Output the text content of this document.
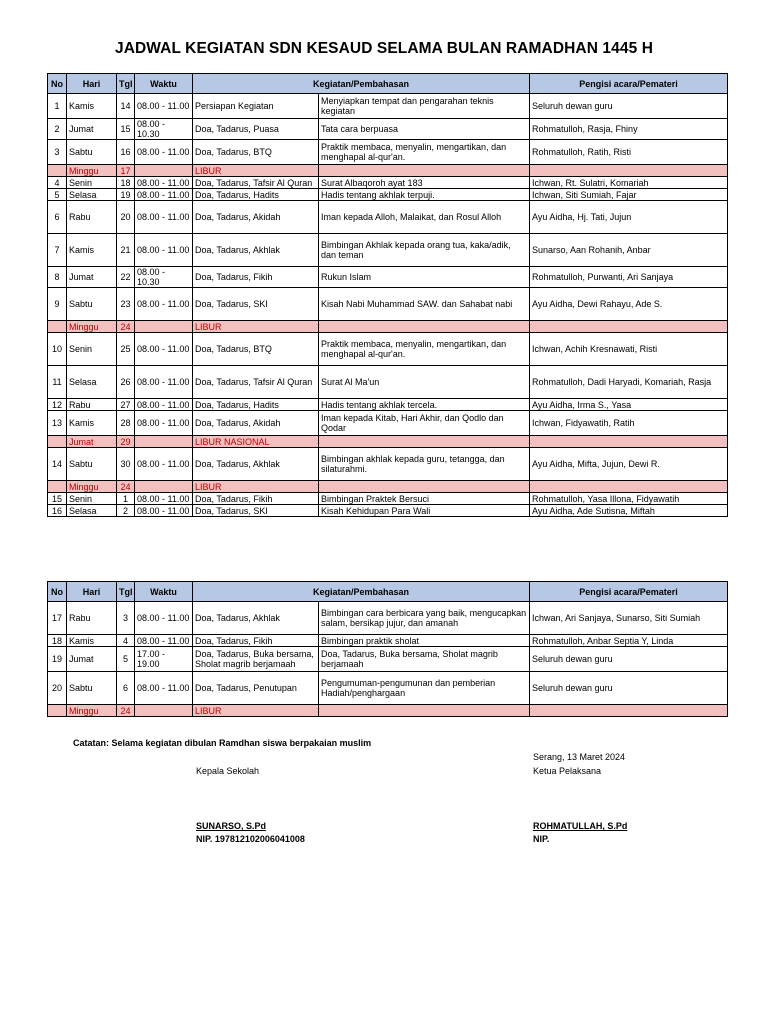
JADWAL KEGIATAN SDN KESAUD SELAMA BULAN RAMADHAN 1445 H
No	Hari	Tgl	Waktu	Kegiatan/Pembahasan		Pengisi acara/Pemateri
1	Kamis	14	08.00 - 11.00	Persiapan Kegiatan	Menyiapkan tempat dan pengarahan teknis kegiatan	Seluruh dewan guru
2	Jumat	15	08.00 - 10.30	Doa, Tadarus, Puasa	Tata cara berpuasa	Rohmatulloh, Rasja, Fhiny
3	Sabtu	16	08.00 - 11.00	Doa, Tadarus, BTQ	Praktik membaca, menyalin, mengartikan, dan menghapal al-qur'an.	Rohmatulloh, Ratih, Risti
	Minggu	17		LIBUR		
4	Senin	18	08.00 - 11.00	Doa, Tadarus, Tafsir Al Quran	Surat Albaqoroh ayat 183	Ichwan, Rt. Sulatri, Komariah
5	Selasa	19	08.00 - 11.00	Doa, Tadarus, Hadits	Hadis tentang akhlak terpuji.	Ichwan, Siti Sumiah, Fajar
6	Rabu	20	08.00 - 11.00	Doa, Tadarus, Akidah	Iman kepada Alloh, Malaikat, dan Rosul Alloh	Ayu Aidha, Hj. Tati, Jujun
7	Kamis	21	08.00 - 11.00	Doa, Tadarus, Akhlak	Bimbingan Akhlak kepada orang tua, kaka/adik, dan teman	Sunarso, Aan Rohanih, Anbar
8	Jumat	22	08.00 - 10.30	Doa, Tadarus, Fikih	Rukun Islam	Rohmatulloh, Purwanti, Ari Sanjaya
9	Sabtu	23	08.00 - 11.00	Doa, Tadarus, SKI	Kisah Nabi Muhammad SAW. dan Sahabat nabi	Ayu Aidha, Dewi Rahayu, Ade S.
	Minggu	24		LIBUR		
10	Senin	25	08.00 - 11.00	Doa, Tadarus, BTQ	Praktik membaca, menyalin, mengartikan, dan menghapal al-qur'an.	Ichwan, Achih Kresnawati, Risti
11	Selasa	26	08.00 - 11.00	Doa, Tadarus, Tafsir Al Quran	Surat Al Ma'un	Rohmatulloh, Dadi Haryadi, Komariah, Rasja
12	Rabu	27	08.00 - 11.00	Doa, Tadarus, Hadits	Hadis tentang akhlak tercela.	Ayu Aidha, Irma S., Yasa
13	Kamis	28	08.00 - 11.00	Doa, Tadarus, Akidah	Iman kepada Kitab, Hari Akhir, dan Qodlo dan Qodar	Ichwan, Fidyawatih, Ratih
	Jumat	29		LIBUR NASIONAL		
14	Sabtu	30	08.00 - 11.00	Doa, Tadarus, Akhlak	Bimbingan akhlak kepada guru, tetangga, dan silaturahmi.	Ayu Aidha, Mifta, Jujun, Dewi R.
	Minggu	24		LIBUR		
15	Senin	1	08.00 - 11.00	Doa, Tadarus, Fikih	Bimbingan Praktek Bersuci	Rohmatulloh, Yasa Illona, Fidyawatih
16	Selasa	2	08.00 - 11.00	Doa, Tadarus, SKI	Kisah Kehidupan Para Wali	Ayu Aidha, Ade Sutisna, Miftah
No	Hari	Tgl	Waktu	Kegiatan/Pembahasan		Pengisi acara/Pemateri
17	Rabu	3	08.00 - 11.00	Doa, Tadarus, Akhlak	Bimbingan cara berbicara yang baik, mengucapkan salam, bersikap jujur, dan amanah	Ichwan, Ari Sanjaya, Sunarso, Siti Sumiah
18	Kamis	4	08.00 - 11.00	Doa, Tadarus, Fikih	Bimbingan praktik sholat	Rohmatulloh, Anbar Septia Y, Linda
19	Jumat	5	17.00 - 19.00	Doa, Tadarus, Buka bersama, Sholat magrib berjamaah	Doa, Tadarus, Buka bersama, Sholat magrib berjamaah	Seluruh dewan guru
20	Sabtu	6	08.00 - 11.00	Doa, Tadarus, Penutupan	Pengumuman-pengumunan dan pemberian Hadiah/penghargaan	Seluruh dewan guru
	Minggu	24		LIBUR		
Catatan: Selama kegiatan dibulan Ramdhan siswa berpakaian muslim
Serang, 13 Maret 2024
Kepala Sekolah	Ketua Pelaksana
SUNARSO, S.Pd
NIP. 197812102006041008
ROHMATULLAH, S.Pd
NIP.
